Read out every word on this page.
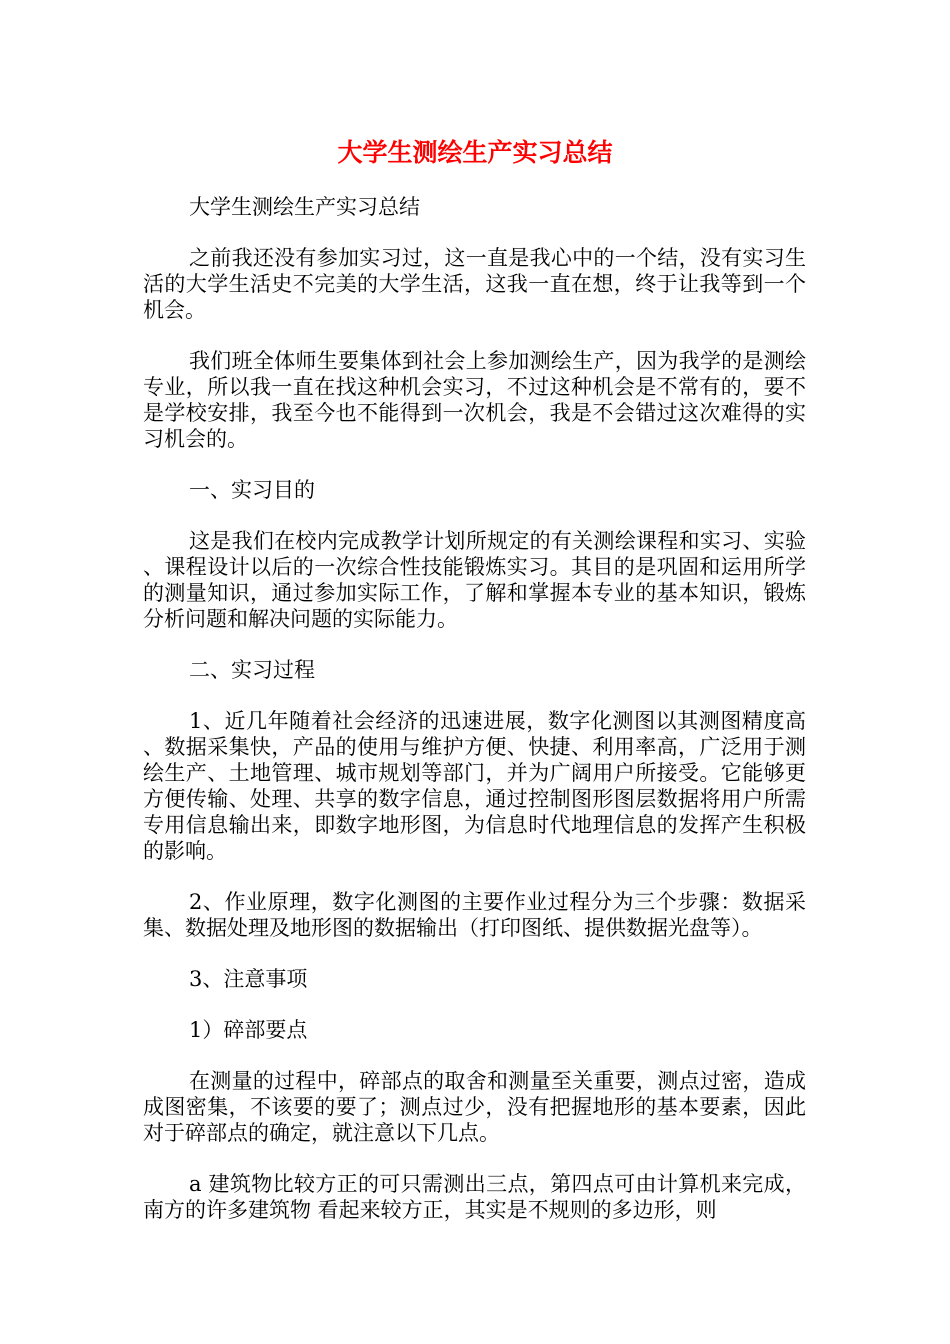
大学生测绘生产实习总结

大学生测绘生产实习总结

之前我还没有参加实习过，这一直是我心中的一个结，没有实习生活的大学生活史不完美的大学生活，这我一直在想，终于让我等到一个机会。

我们班全体师生要集体到社会上参加测绘生产，因为我学的是测绘专业，所以我一直在找这种机会实习，不过这种机会是不常有的，要不是学校安排，我至今也不能得到一次机会，我是不会错过这次难得的实习机会的。

一、实习目的

这是我们在校内完成教学计划所规定的有关测绘课程和实习、实验、课程设计以后的一次综合性技能锻炼实习。其目的是巩固和运用所学的测量知识，通过参加实际工作，了解和掌握本专业的基本知识，锻炼分析问题和解决问题的实际能力。

二、实习过程

1、近几年随着社会经济的迅速进展，数字化测图以其测图精度高、数据采集快，产品的使用与维护方便、快捷、利用率高，广泛用于测绘生产、土地管理、城市规划等部门，并为广阔用户所接受。它能够更方便传输、处理、共享的数字信息，通过控制图形图层数据将用户所需专用信息输出来，即数字地形图，为信息时代地理信息的发挥产生积极的影响。

2、作业原理，数字化测图的主要作业过程分为三个步骤：数据采集、数据处理及地形图的数据输出（打印图纸、提供数据光盘等）。

3、注意事项

1）碎部要点

在测量的过程中，碎部点的取舍和测量至关重要，测点过密，造成成图密集，不该要的要了；测点过少，没有把握地形的基本要素，因此对于碎部点的确定，就注意以下几点。

a 建筑物比较方正的可只需测出三点，第四点可由计算机来完成，南方的许多建筑物 看起来较方正，其实是不规则的多边形，则
